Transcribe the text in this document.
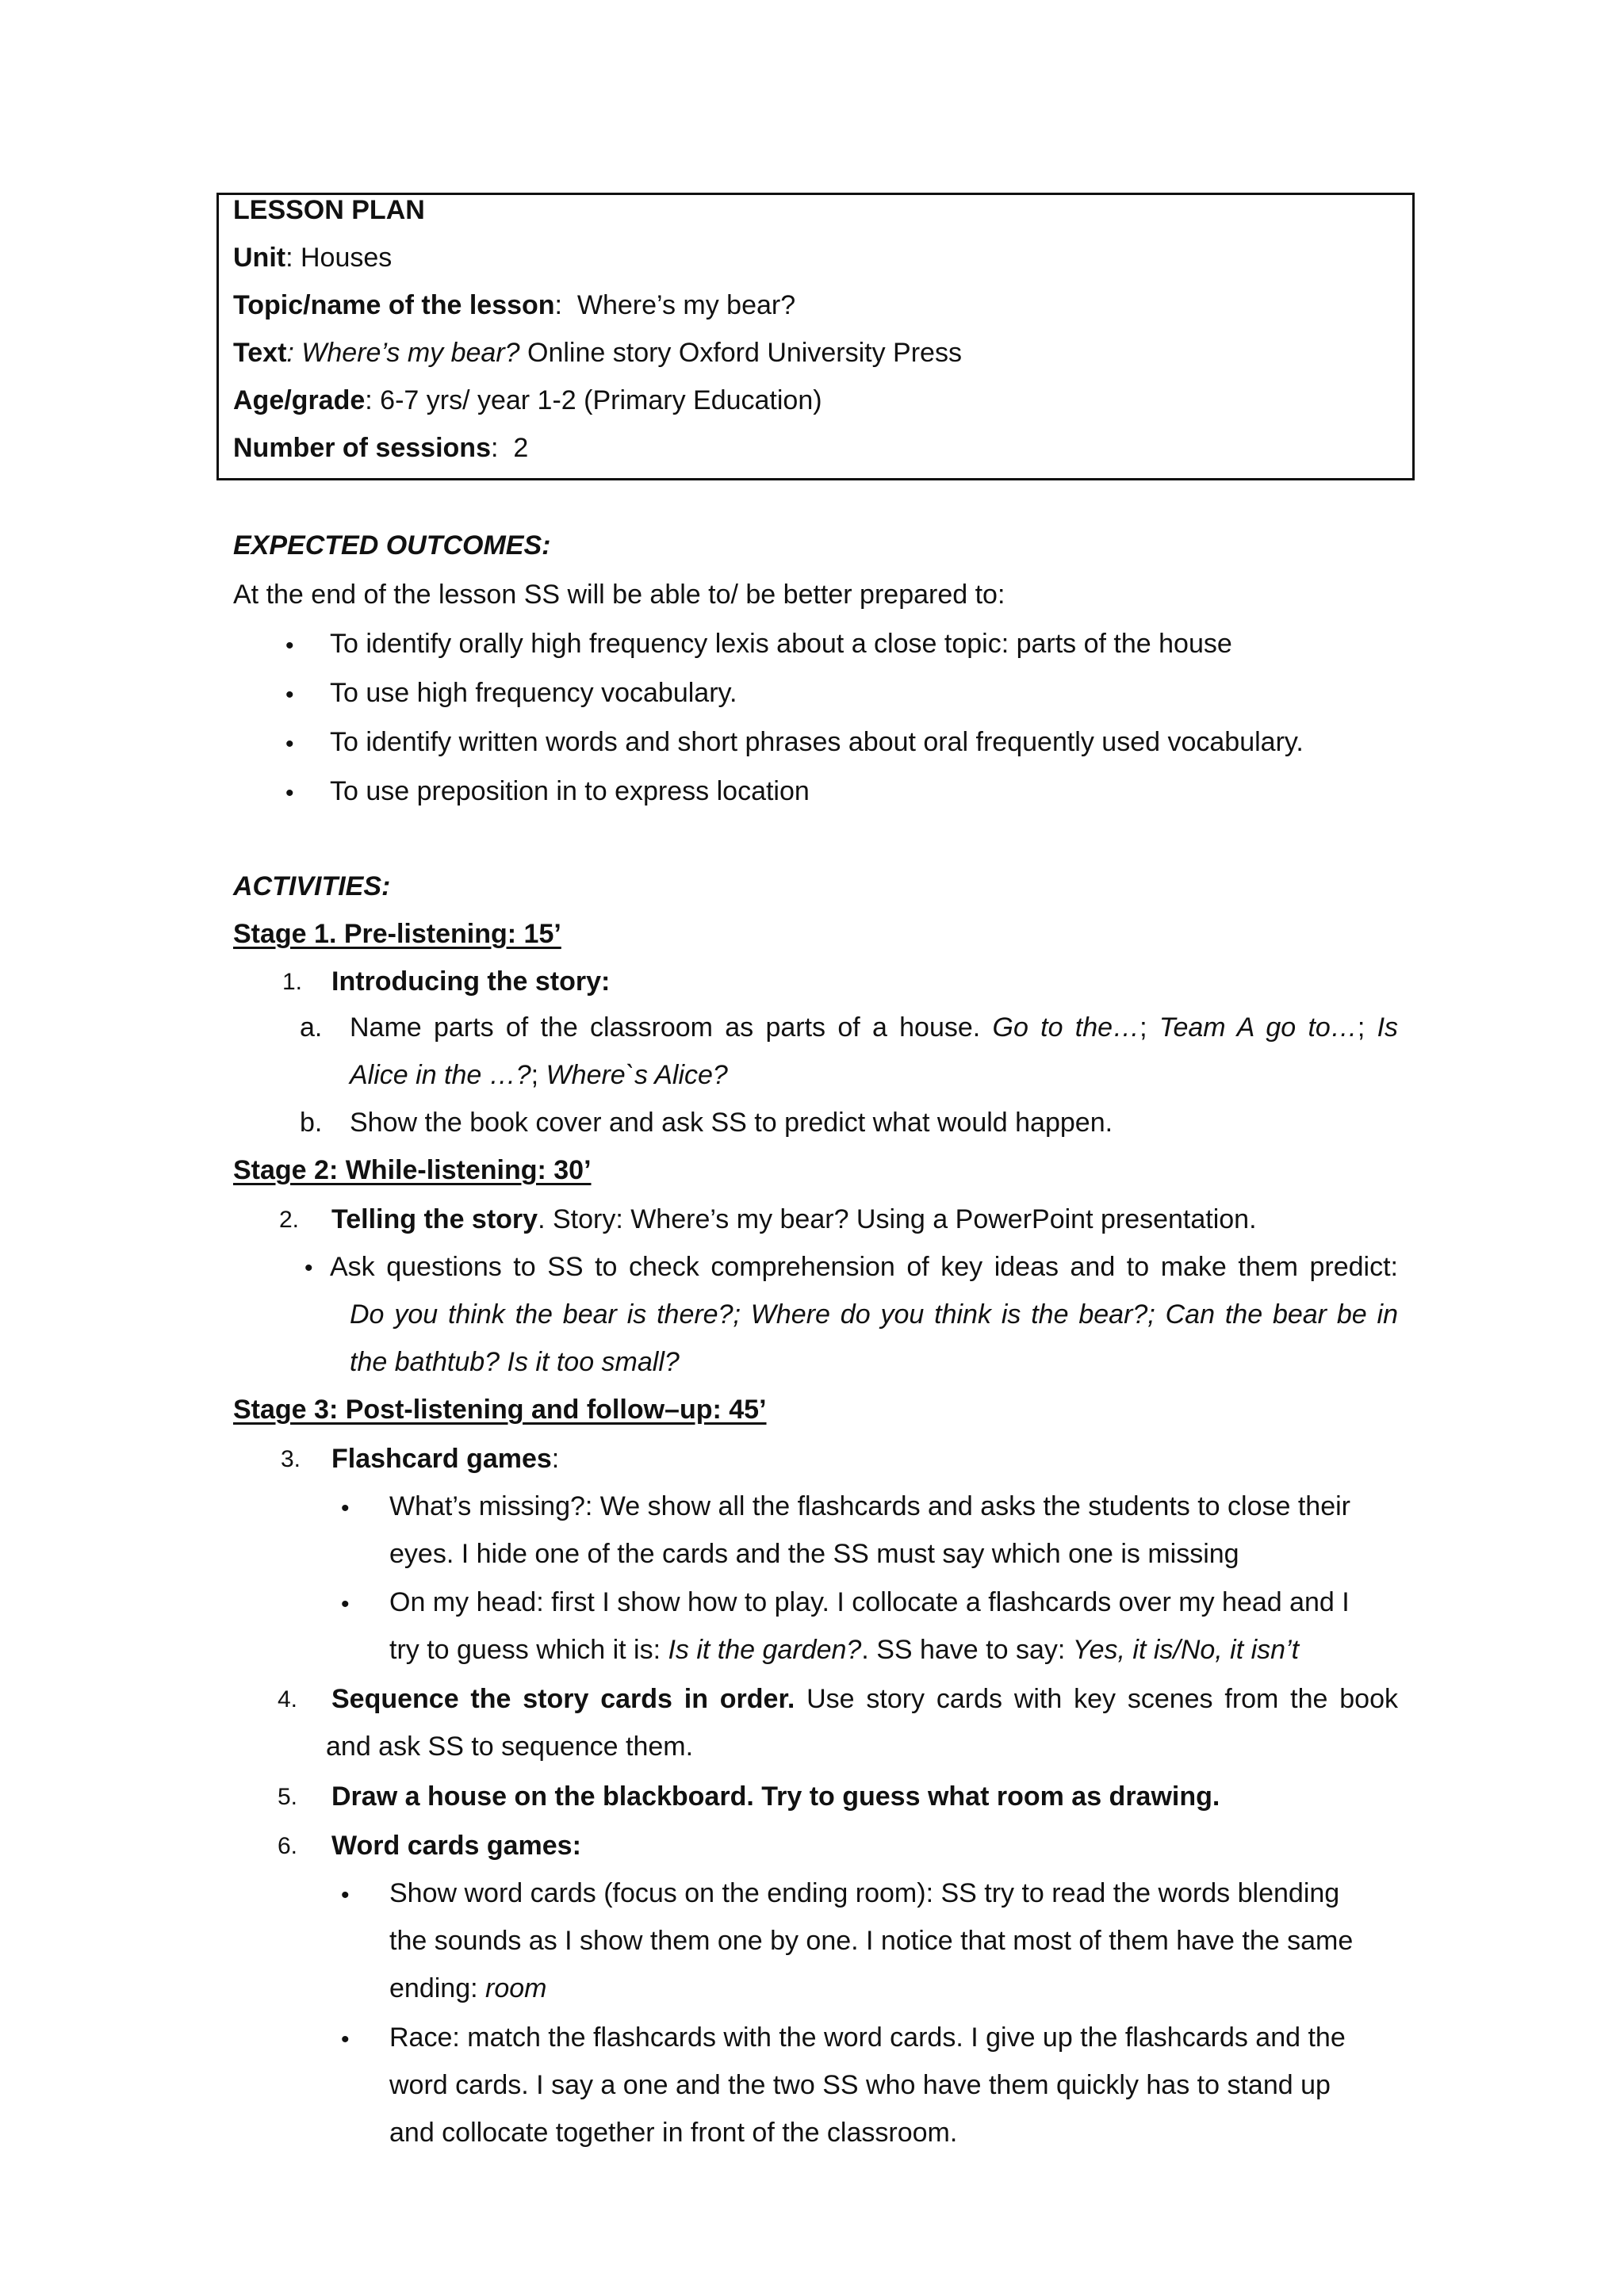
LESSON PLAN
Unit: Houses
Topic/name of the lesson:  Where’s my bear?
Text: Where’s my bear? Online story Oxford University Press
Age/grade: 6-7 yrs/ year 1-2 (Primary Education)
Number of sessions:  2
EXPECTED OUTCOMES:
At the end of the lesson SS will be able to/ be better prepared to:
• To identify orally high frequency lexis about a close topic: parts of the house
• To use high frequency vocabulary.
• To identify written words and short phrases about oral frequently used vocabulary.
• To use preposition in to express location
ACTIVITIES:
Stage 1. Pre-listening: 15’
1. Introducing the story:
a. Name parts of the classroom as parts of a house. Go to the…; Team A go to…; Is
Alice in the …?; Where`s Alice?
b. Show the book cover and ask SS to predict what would happen.
Stage 2: While-listening: 30’
2. Telling the story. Story: Where’s my bear? Using a PowerPoint presentation.
• Ask questions to SS to check comprehension of key ideas and to make them predict:
Do you think the bear is there?; Where do you think is the bear?; Can the bear be in
the bathtub? Is it too small?
Stage 3: Post-listening and follow–up: 45’
3. Flashcard games:
• What’s missing?: We show all the flashcards and asks the students to close their
eyes. I hide one of the cards and the SS must say which one is missing
• On my head: first I show how to play. I collocate a flashcards over my head and I
try to guess which it is: Is it the garden?. SS have to say: Yes, it is/No, it isn’t
4. Sequence the story cards in order. Use story cards with key scenes from the book
and ask SS to sequence them.
5. Draw a house on the blackboard. Try to guess what room as drawing.
6. Word cards games:
• Show word cards (focus on the ending room): SS try to read the words blending
the sounds as I show them one by one. I notice that most of them have the same
ending: room
• Race: match the flashcards with the word cards. I give up the flashcards and the
word cards. I say a one and the two SS who have them quickly has to stand up
and collocate together in front of the classroom.
